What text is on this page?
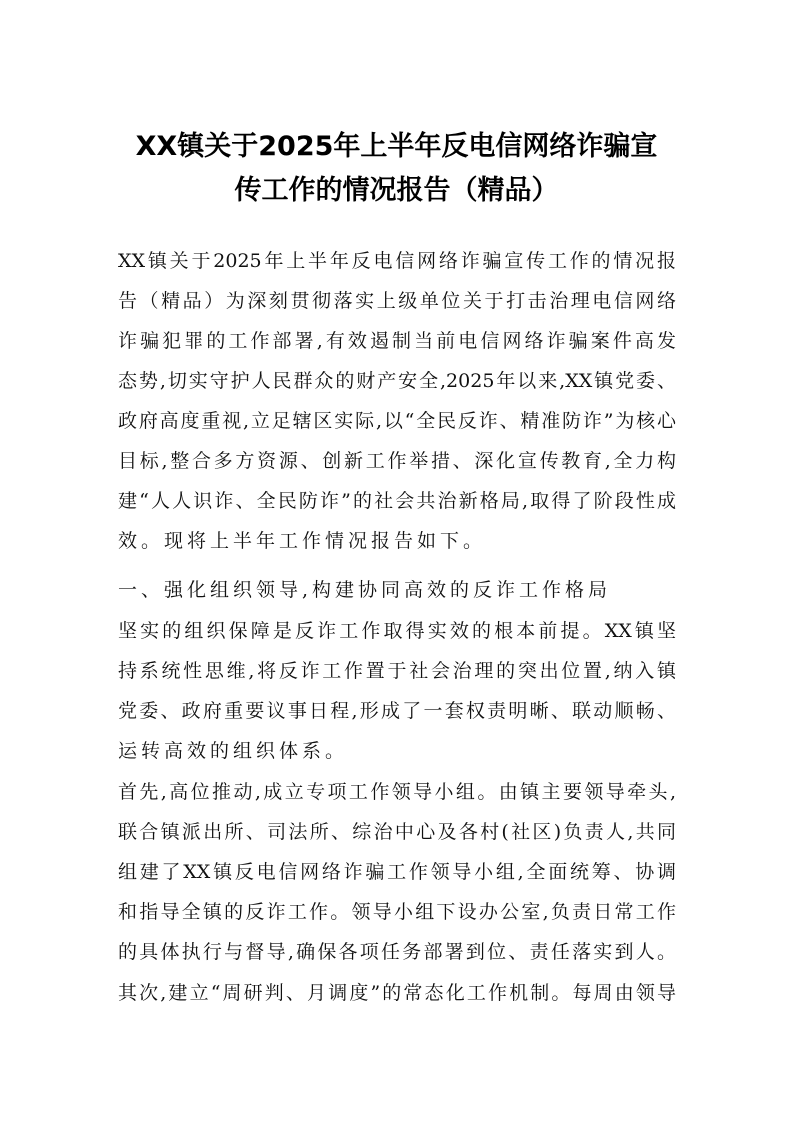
XX镇关于2025年上半年反电信网络诈骗宣
传工作的情况报告（精品）
XX镇关于2025年上半年反电信网络诈骗宣传工作的情况报
告（精品）为深刻贯彻落实上级单位关于打击治理电信网络
诈骗犯罪的工作部署,有效遏制当前电信网络诈骗案件高发
态势,切实守护人民群众的财产安全,2025年以来,XX镇党委、
政府高度重视,立足辖区实际,以“全民反诈、精准防诈”为核心
目标,整合多方资源、创新工作举措、深化宣传教育,全力构
建“人人识诈、全民防诈”的社会共治新格局,取得了阶段性成
效。现将上半年工作情况报告如下。
一、强化组织领导,构建协同高效的反诈工作格局
坚实的组织保障是反诈工作取得实效的根本前提。XX镇坚
持系统性思维,将反诈工作置于社会治理的突出位置,纳入镇
党委、政府重要议事日程,形成了一套权责明晰、联动顺畅、
运转高效的组织体系。
首先,高位推动,成立专项工作领导小组。由镇主要领导牵头,
联合镇派出所、司法所、综治中心及各村(社区)负责人,共同
组建了XX镇反电信网络诈骗工作领导小组,全面统筹、协调
和指导全镇的反诈工作。领导小组下设办公室,负责日常工作
的具体执行与督导,确保各项任务部署到位、责任落实到人。
其次,建立“周研判、月调度”的常态化工作机制。每周由领导
